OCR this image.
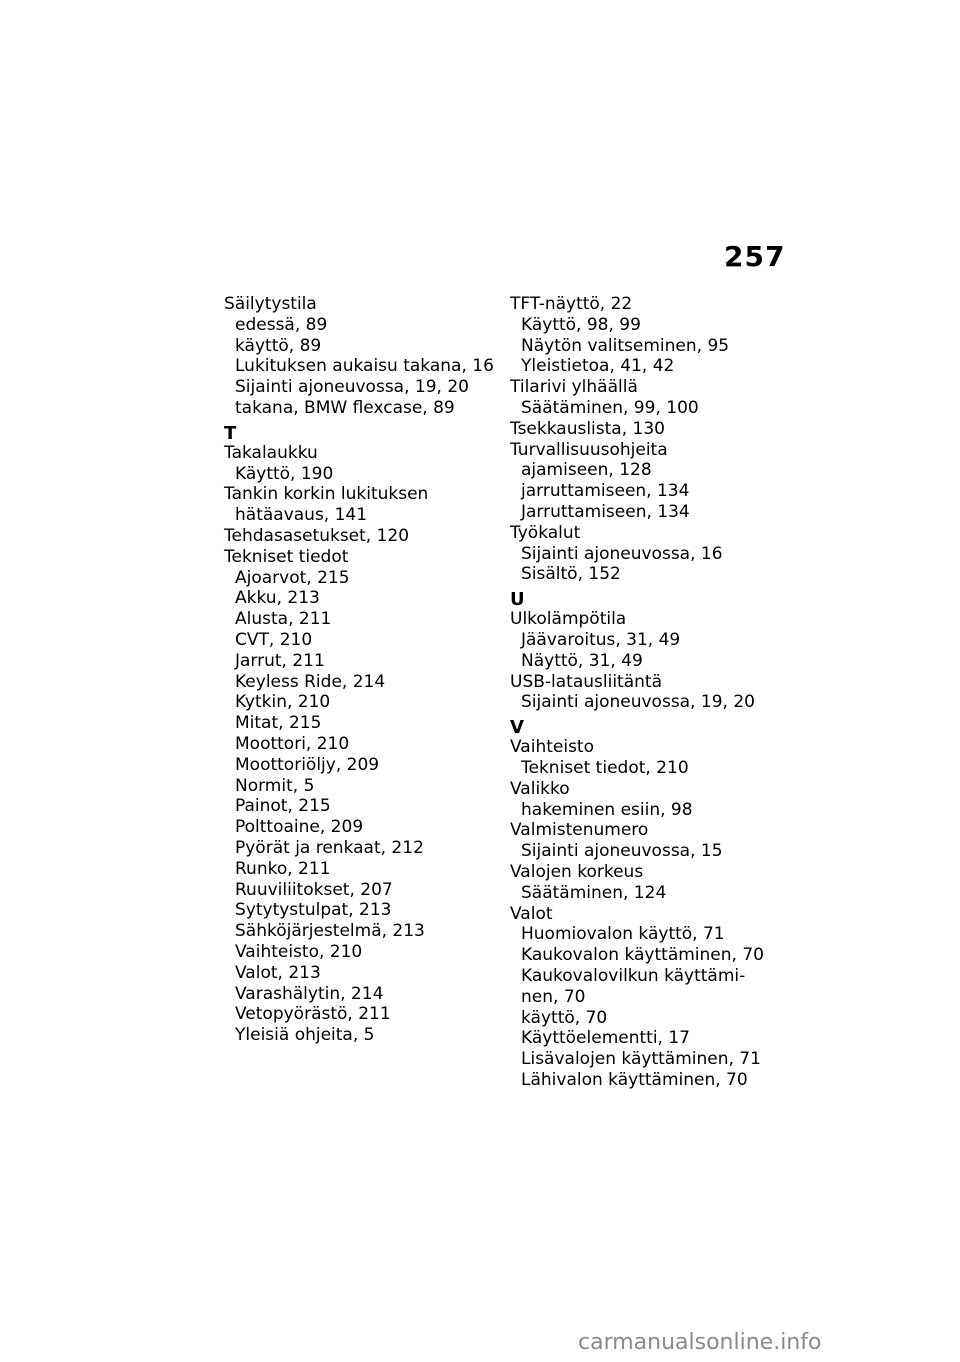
257
Säilytystila
edessä, 89
käyttö, 89
Lukituksen aukaisu takana, 16
Sijainti ajoneuvossa, 19, 20
takana, BMW flexcase, 89
T
Takalaukku
Käyttö, 190
Tankin korkin lukituksen
hätäavaus, 141
Tehdasasetukset, 120
Tekniset tiedot
Ajoarvot, 215
Akku, 213
Alusta, 211
CVT, 210
Jarrut, 211
Keyless Ride, 214
Kytkin, 210
Mitat, 215
Moottori, 210
Moottoriöljy, 209
Normit, 5
Painot, 215
Polttoaine, 209
Pyörät ja renkaat, 212
Runko, 211
Ruuviliitokset, 207
Sytytystulpat, 213
Sähköjärjestelmä, 213
Vaihteisto, 210
Valot, 213
Varashälytin, 214
Vetopyörästö, 211
Yleisiä ohjeita, 5
TFT-näyttö, 22
Käyttö, 98, 99
Näytön valitseminen, 95
Yleistietoa, 41, 42
Tilarivi ylhäällä
Säätäminen, 99, 100
Tsekkauslista, 130
Turvallisuusohjeita
ajamiseen, 128
jarruttamiseen, 134
Jarruttamiseen, 134
Työkalut
Sijainti ajoneuvossa, 16
Sisältö, 152
U
Ulkolämpötila
Jäävaroitus, 31, 49
Näyttö, 31, 49
USB-latausliitäntä
Sijainti ajoneuvossa, 19, 20
V
Vaihteisto
Tekniset tiedot, 210
Valikko
hakeminen esiin, 98
Valmistenumero
Sijainti ajoneuvossa, 15
Valojen korkeus
Säätäminen, 124
Valot
Huomiovalon käyttö, 71
Kaukovalon käyttäminen, 70
Kaukovalovilkun käyttämi-
nen, 70
käyttö, 70
Käyttöelementti, 17
Lisävalojen käyttäminen, 71
Lähivalon käyttäminen, 70
carmanualsonline.info
